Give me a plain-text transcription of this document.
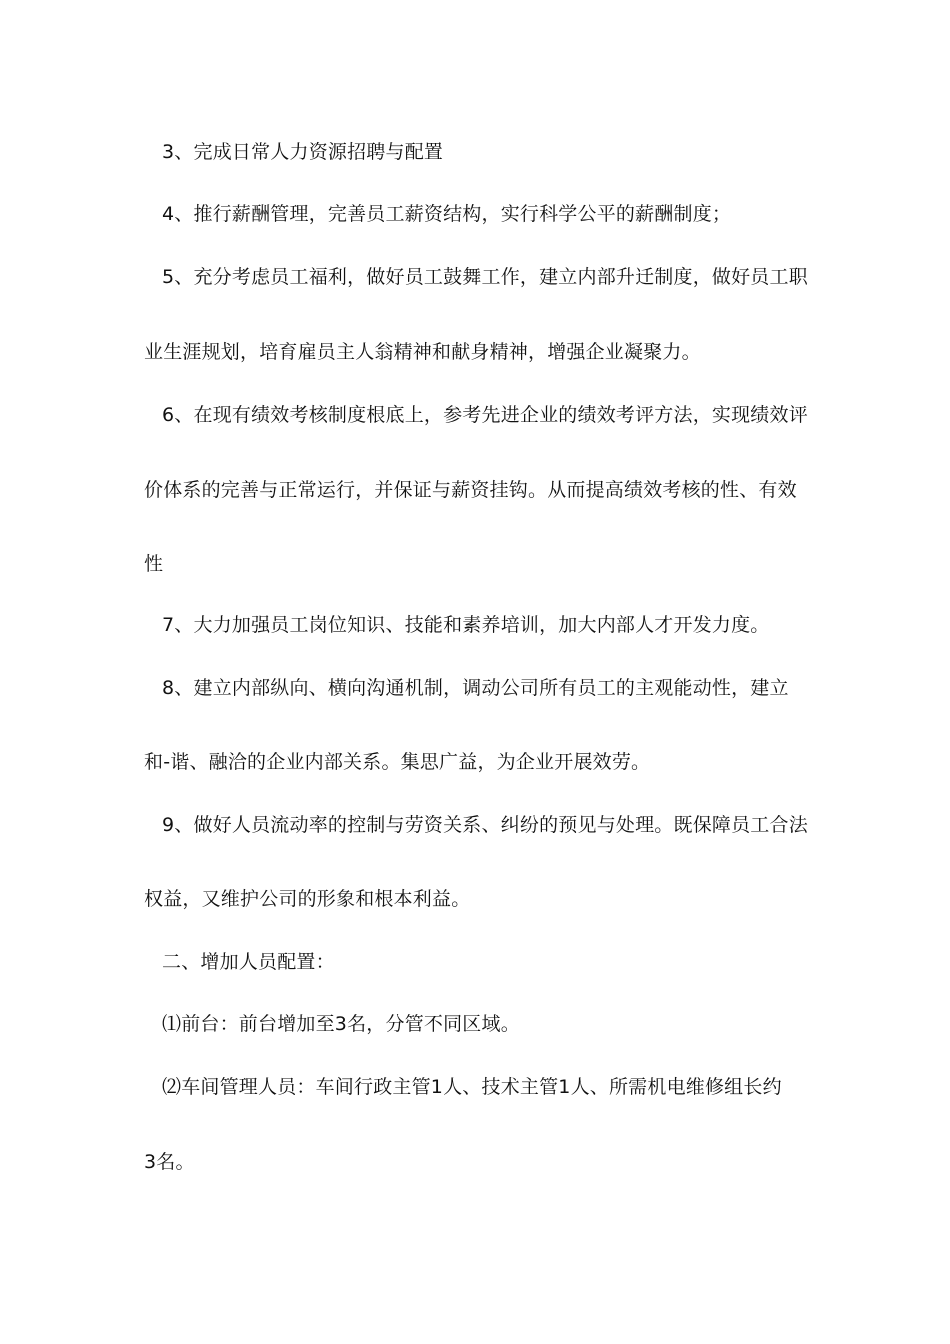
3、完成日常人力资源招聘与配置
4、推行薪酬管理，完善员工薪资结构，实行科学公平的薪酬制度；
5、充分考虑员工福利，做好员工鼓舞工作，建立内部升迁制度，做好员工职
业生涯规划，培育雇员主人翁精神和献身精神，增强企业凝聚力。
6、在现有绩效考核制度根底上，参考先进企业的绩效考评方法，实现绩效评
价体系的完善与正常运行，并保证与薪资挂钩。从而提高绩效考核的性、有效
性
7、大力加强员工岗位知识、技能和素养培训，加大内部人才开发力度。
8、建立内部纵向、横向沟通机制，调动公司所有员工的主观能动性，建立
和-谐、融洽的企业内部关系。集思广益，为企业开展效劳。
9、做好人员流动率的控制与劳资关系、纠纷的预见与处理。既保障员工合法
权益，又维护公司的形象和根本利益。
二、增加人员配置：
⑴前台：前台增加至3名，分管不同区域。
⑵车间管理人员：车间行政主管1人、技术主管1人、所需机电维修组长约
3名。
